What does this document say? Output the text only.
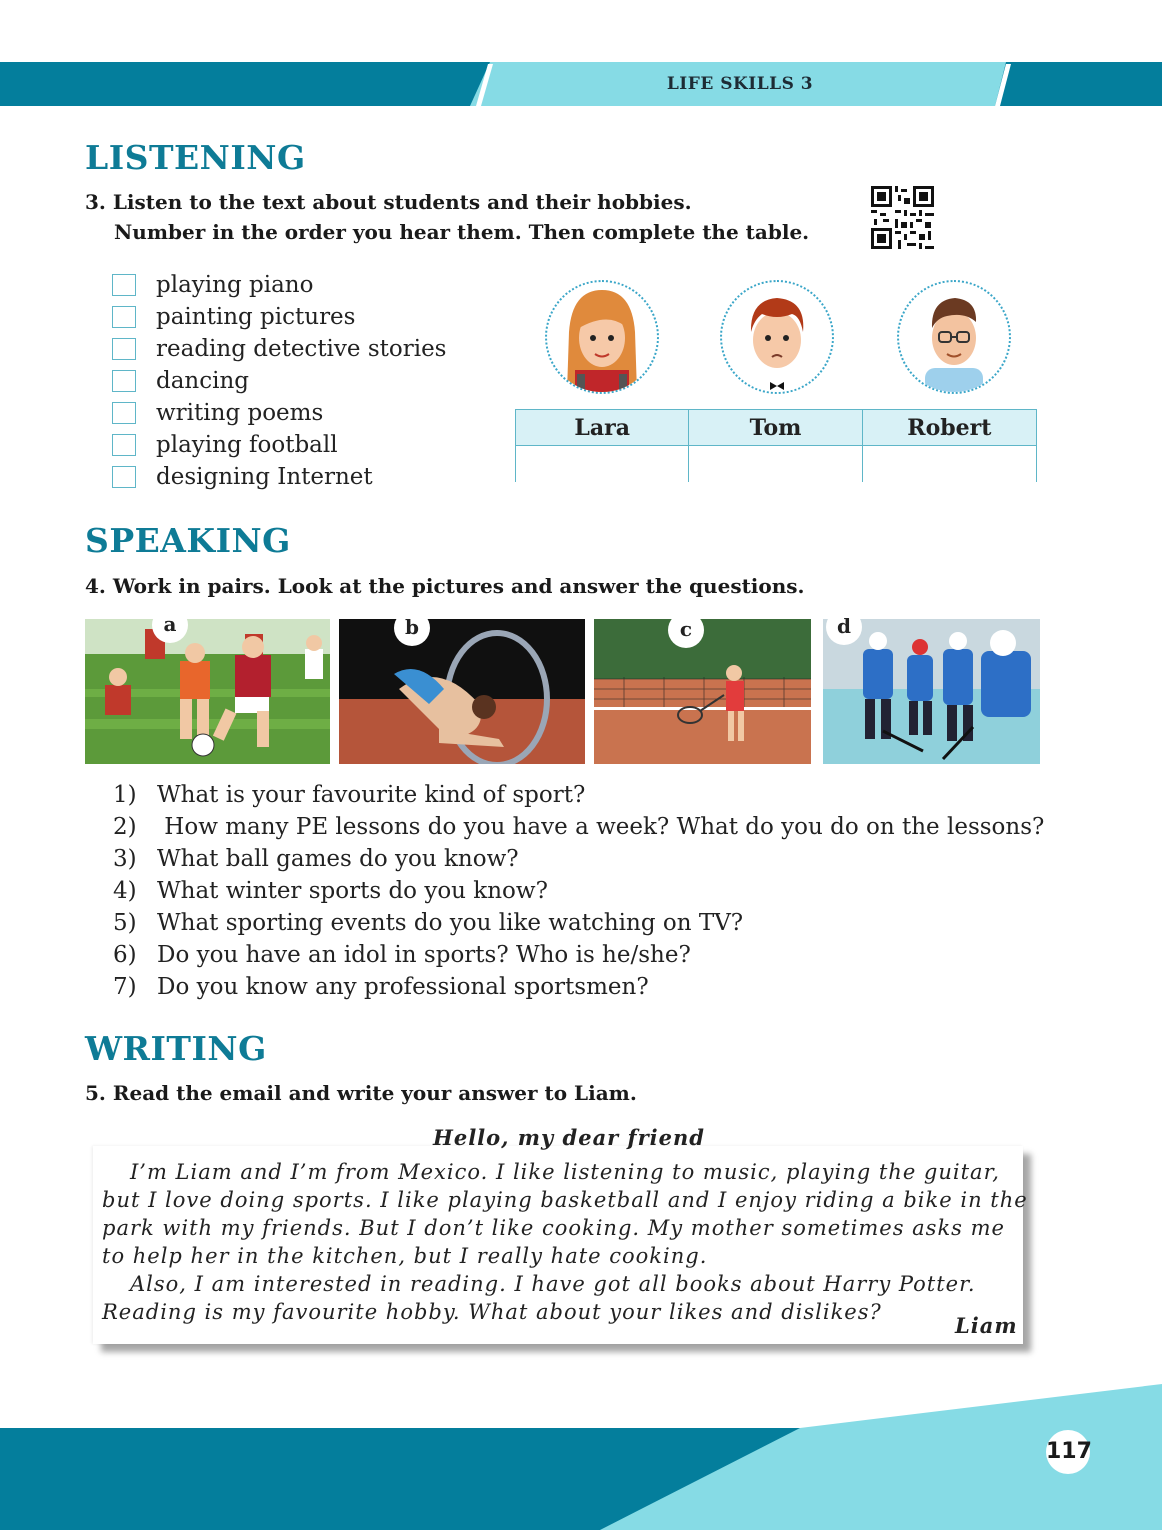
LIFE SKILLS 3
LISTENING
3. Listen to the text about students and their hobbies.
Number in the order you hear them. Then complete the table.
playing piano
painting pictures
reading detective stories
dancing
writing poems
playing football
designing Internet
Lara	Tom	Robert

SPEAKING
4. Work in pairs. Look at the pictures and answer the questions.
a	b	c	d
1) What is your favourite kind of sport?
2) How many PE lessons do you have a week? What do you do on the lessons?
3) What ball games do you know?
4) What winter sports do you know?
5) What sporting events do you like watching on TV?
6) Do you have an idol in sports? Who is he/she?
7) Do you know any professional sportsmen?
WRITING
5. Read the email and write your answer to Liam.
Hello, my dear friend
I’m Liam and I’m from Mexico. I like listening to music, playing the guitar,
but I love doing sports. I like playing basketball and I enjoy riding a bike in the
park with my friends. But I don’t like cooking. My mother sometimes asks me
to help her in the kitchen, but I really hate cooking.
Also, I am interested in reading. I have got all books about Harry Potter.
Reading is my favourite hobby. What about your likes and dislikes?
Liam
117
